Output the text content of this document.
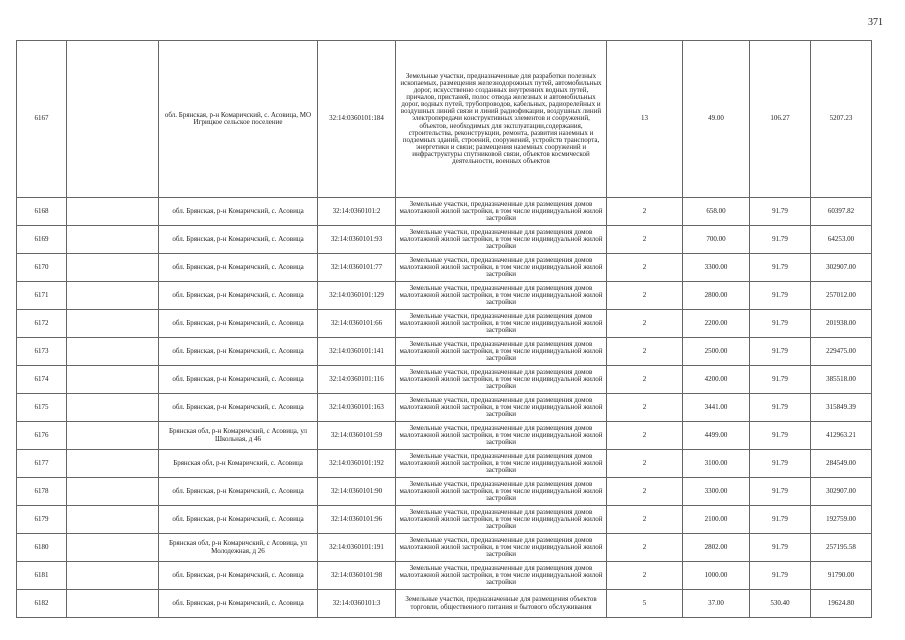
371
6167		обл. Брянская, р-н Комаричский, с. Асовица, МО Игрицкое сельское поселение	32:14:0360101:184	Земельные участки, предназначенные для разработки полезных ископаемых, размещения железнодорожных путей, автомобильных дорог, искусственно созданных внутренних водных путей, причалов, пристаней, полос отвода железных и автомобильных дорог, водных путей, трубопроводов, кабельных, радиорелейных и воздушных линий связи и линий радиофикации, воздушных линий электропередачи конструктивных элементов и сооружений, объектов, необходимых для эксплуатации,содержания, строительства, реконструкции, ремонта, развития наземных и подземных зданий, строений, сооружений, устройств транспорта, энергетики и связи; размещения наземных сооружений и инфраструктуры спутниковой связи, объектов космической деятельности, военных объектов	13	49.00	106.27	5207.23
6168		обл. Брянская, р-н Комаричский, с. Асовица	32:14:0360101:2	Земельные участки, предназначенные для размещения домов малоэтажной жилой застройки, в том числе индивидуальной жилой застройки	2	658.00	91.79	60397.82
6169		обл. Брянская, р-н Комаричский, с. Асовица	32:14:0360101:93	Земельные участки, предназначенные для размещения домов малоэтажной жилой застройки, в том числе индивидуальной жилой застройки	2	700.00	91.79	64253.00
6170		обл. Брянская, р-н Комаричский, с. Асовица	32:14:0360101:77	Земельные участки, предназначенные для размещения домов малоэтажной жилой застройки, в том числе индивидуальной жилой застройки	2	3300.00	91.79	302907.00
6171		обл. Брянская, р-н Комаричский, с. Асовица	32:14:0360101:129	Земельные участки, предназначенные для размещения домов малоэтажной жилой застройки, в том числе индивидуальной жилой застройки	2	2800.00	91.79	257012.00
6172		обл. Брянская, р-н Комаричский, с. Асовица	32:14:0360101:66	Земельные участки, предназначенные для размещения домов малоэтажной жилой застройки, в том числе индивидуальной жилой застройки	2	2200.00	91.79	201938.00
6173		обл. Брянская, р-н Комаричский, с. Асовица	32:14:0360101:141	Земельные участки, предназначенные для размещения домов малоэтажной жилой застройки, в том числе индивидуальной жилой застройки	2	2500.00	91.79	229475.00
6174		обл. Брянская, р-н Комаричский, с. Асовица	32:14:0360101:116	Земельные участки, предназначенные для размещения домов малоэтажной жилой застройки, в том числе индивидуальной жилой застройки	2	4200.00	91.79	385518.00
6175		обл. Брянская, р-н Комаричский, с. Асовица	32:14:0360101:163	Земельные участки, предназначенные для размещения домов малоэтажной жилой застройки, в том числе индивидуальной жилой застройки	2	3441.00	91.79	315849.39
6176		Брянская обл, р-н Комаричский, с Асовица, ул Школьная, д 46	32:14:0360101:59	Земельные участки, предназначенные для размещения домов малоэтажной жилой застройки, в том числе индивидуальной жилой застройки	2	4499.00	91.79	412963.21
6177		Брянская обл, р-н Комаричский, с. Асовица	32:14:0360101:192	Земельные участки, предназначенные для размещения домов малоэтажной жилой застройки, в том числе индивидуальной жилой застройки	2	3100.00	91.79	284549.00
6178		обл. Брянская, р-н Комаричский, с. Асовица	32:14:0360101:90	Земельные участки, предназначенные для размещения домов малоэтажной жилой застройки, в том числе индивидуальной жилой застройки	2	3300.00	91.79	302907.00
6179		обл. Брянская, р-н Комаричский, с. Асовица	32:14:0360101:96	Земельные участки, предназначенные для размещения домов малоэтажной жилой застройки, в том числе индивидуальной жилой застройки	2	2100.00	91.79	192759.00
6180		Брянская обл, р-н Комаричский, с Асовица, ул Молодежная, д 26	32:14:0360101:191	Земельные участки, предназначенные для размещения домов малоэтажной жилой застройки, в том числе индивидуальной жилой застройки	2	2802.00	91.79	257195.58
6181		обл. Брянская, р-н Комаричский, с. Асовица	32:14:0360101:98	Земельные участки, предназначенные для размещения домов малоэтажной жилой застройки, в том числе индивидуальной жилой застройки	2	1000.00	91.79	91790.00
6182		обл. Брянская, р-н Комаричский, с. Асовица	32:14:0360101:3	Земельные участки, предназначенные для размещения объектов торговли, общественного питания и бытового обслуживания	5	37.00	530.40	19624.80
